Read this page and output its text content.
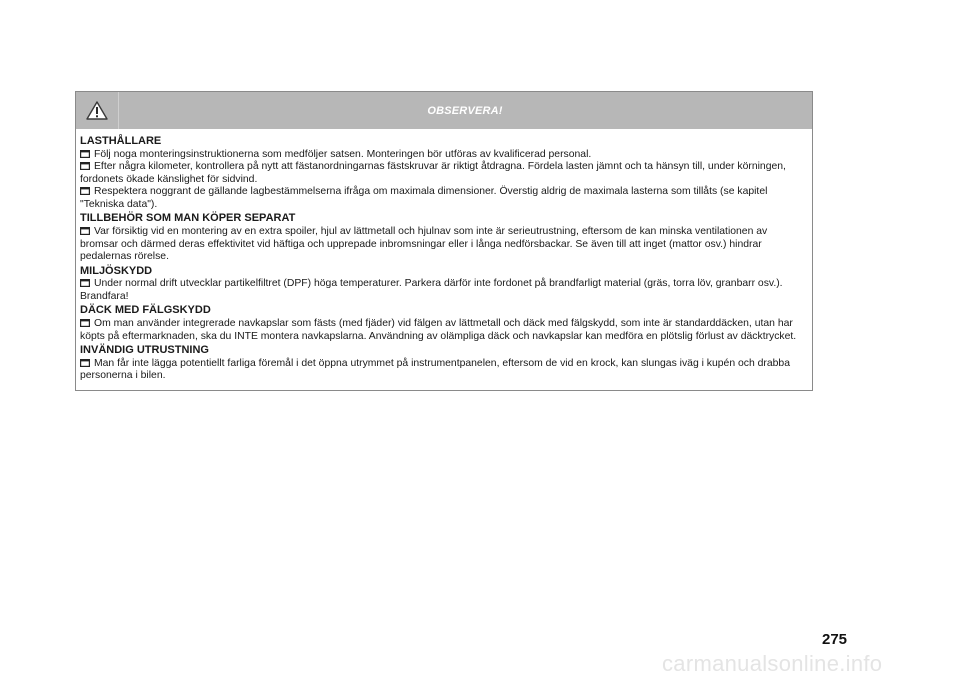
OBSERVERA!
LASTHÅLLARE

Följ noga monteringsinstruktionerna som medföljer satsen. Monteringen bör utföras av kvalificerad personal.

Efter några kilometer, kontrollera på nytt att fästanordningarnas fästskruvar är riktigt åtdragna. Fördela lasten jämnt och ta hänsyn till, under körningen, fordonets ökade känslighet för sidvind.

Respektera noggrant de gällande lagbestämmelserna ifråga om maximala dimensioner. Överstig aldrig de maximala lasterna som tillåts (se kapitel "Tekniska data").

TILLBEHÖR SOM MAN KÖPER SEPARAT

Var försiktig vid en montering av en extra spoiler, hjul av lättmetall och hjulnav som inte är serieutrustning, eftersom de kan minska ventilationen av bromsar och därmed deras effektivitet vid häftiga och upprepade inbromsningar eller i långa nedförsbackar. Se även till att inget (mattor osv.) hindrar pedalernas rörelse.

MILJÖSKYDD

Under normal drift utvecklar partikelfiltret (DPF) höga temperaturer. Parkera därför inte fordonet på brandfarligt material (gräs, torra löv, granbarr osv.). Brandfara!

DÄCK MED FÄLGSKYDD

Om man använder integrerade navkapslar som fästs (med fjäder) vid fälgen av lättmetall och däck med fälgskydd, som inte är standarddäcken, utan har köpts på eftermarknaden, ska du INTE montera navkapslarna. Användning av olämpliga däck och navkapslar kan medföra en plötslig förlust av däcktrycket.

INVÄNDIG UTRUSTNING

Man får inte lägga potentiellt farliga föremål i det öppna utrymmet på instrumentpanelen, eftersom de vid en krock, kan slungas iväg i kupén och drabba personerna i bilen.

275
carmanualsonline.info
